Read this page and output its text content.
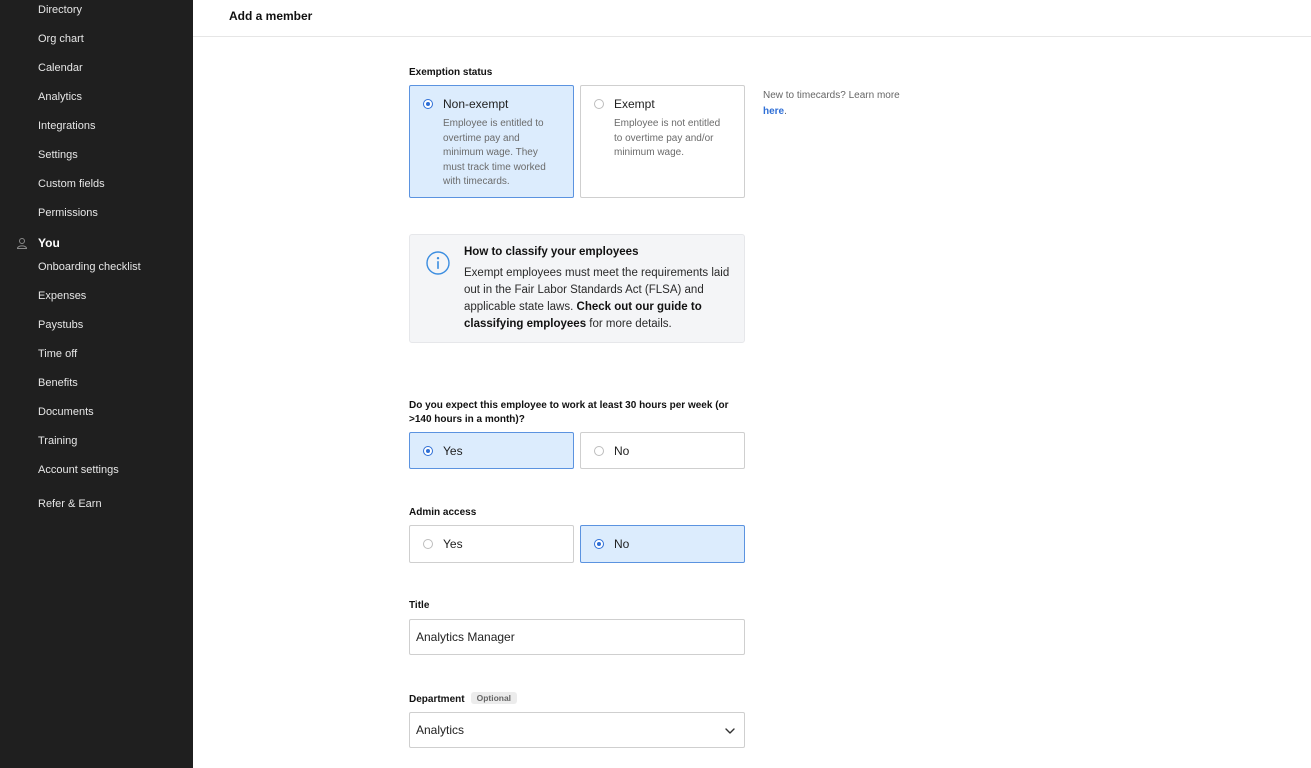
Directory
Org chart
Calendar
Analytics
Integrations
Settings
Custom fields
Permissions
You
Onboarding checklist
Expenses
Paystubs
Time off
Benefits
Documents
Training
Account settings
Refer & Earn
Add a member
Exemption status
Non-exempt
Employee is entitled to
overtime pay and
minimum wage. They
must track time worked
with timecards.
Exempt
Employee is not entitled
to overtime pay and/or
minimum wage.
New to timecards? Learn more
here.
How to classify your employees
Exempt employees must meet the requirements laid out in the Fair Labor Standards Act (FLSA) and applicable state laws. Check out our guide to classifying employees for more details.
Do you expect this employee to work at least 30 hours per week (or
>140 hours in a month)?
Yes	No
Admin access
Yes	No
Title
Analytics Manager
Department Optional
Analytics
